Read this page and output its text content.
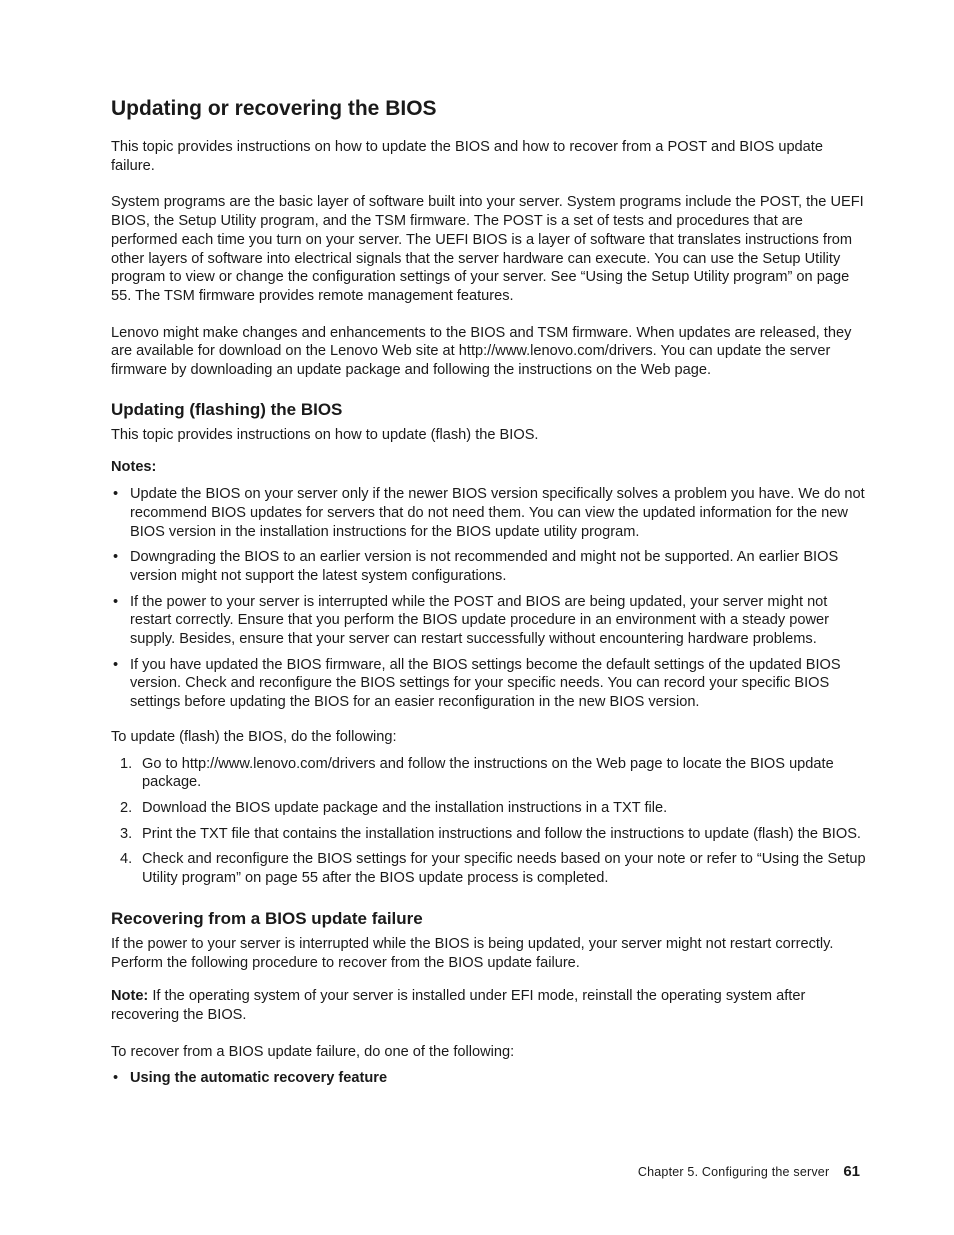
Updating or recovering the BIOS

This topic provides instructions on how to update the BIOS and how to recover from a POST and BIOS update failure.

System programs are the basic layer of software built into your server. System programs include the POST, the UEFI BIOS, the Setup Utility program, and the TSM firmware. The POST is a set of tests and procedures that are performed each time you turn on your server. The UEFI BIOS is a layer of software that translates instructions from other layers of software into electrical signals that the server hardware can execute. You can use the Setup Utility program to view or change the configuration settings of your server. See “Using the Setup Utility program” on page 55. The TSM firmware provides remote management features.

Lenovo might make changes and enhancements to the BIOS and TSM firmware. When updates are released, they are available for download on the Lenovo Web site at http://www.lenovo.com/drivers. You can update the server firmware by downloading an update package and following the instructions on the Web page.

Updating (flashing) the BIOS

This topic provides instructions on how to update (flash) the BIOS.

Notes:

• Update the BIOS on your server only if the newer BIOS version specifically solves a problem you have. We do not recommend BIOS updates for servers that do not need them. You can view the updated information for the new BIOS version in the installation instructions for the BIOS update utility program.
• Downgrading the BIOS to an earlier version is not recommended and might not be supported. An earlier BIOS version might not support the latest system configurations.
• If the power to your server is interrupted while the POST and BIOS are being updated, your server might not restart correctly. Ensure that you perform the BIOS update procedure in an environment with a steady power supply. Besides, ensure that your server can restart successfully without encountering hardware problems.
• If you have updated the BIOS firmware, all the BIOS settings become the default settings of the updated BIOS version. Check and reconfigure the BIOS settings for your specific needs. You can record your specific BIOS settings before updating the BIOS for an easier reconfiguration in the new BIOS version.

To update (flash) the BIOS, do the following:

1. Go to http://www.lenovo.com/drivers and follow the instructions on the Web page to locate the BIOS update package.
2. Download the BIOS update package and the installation instructions in a TXT file.
3. Print the TXT file that contains the installation instructions and follow the instructions to update (flash) the BIOS.
4. Check and reconfigure the BIOS settings for your specific needs based on your note or refer to “Using the Setup Utility program” on page 55 after the BIOS update process is completed.
Recovering from a BIOS update failure

If the power to your server is interrupted while the BIOS is being updated, your server might not restart correctly. Perform the following procedure to recover from the BIOS update failure.

Note: If the operating system of your server is installed under EFI mode, reinstall the operating system after recovering the BIOS.

To recover from a BIOS update failure, do one of the following:

• Using the automatic recovery feature
Chapter 5. Configuring the server 61
